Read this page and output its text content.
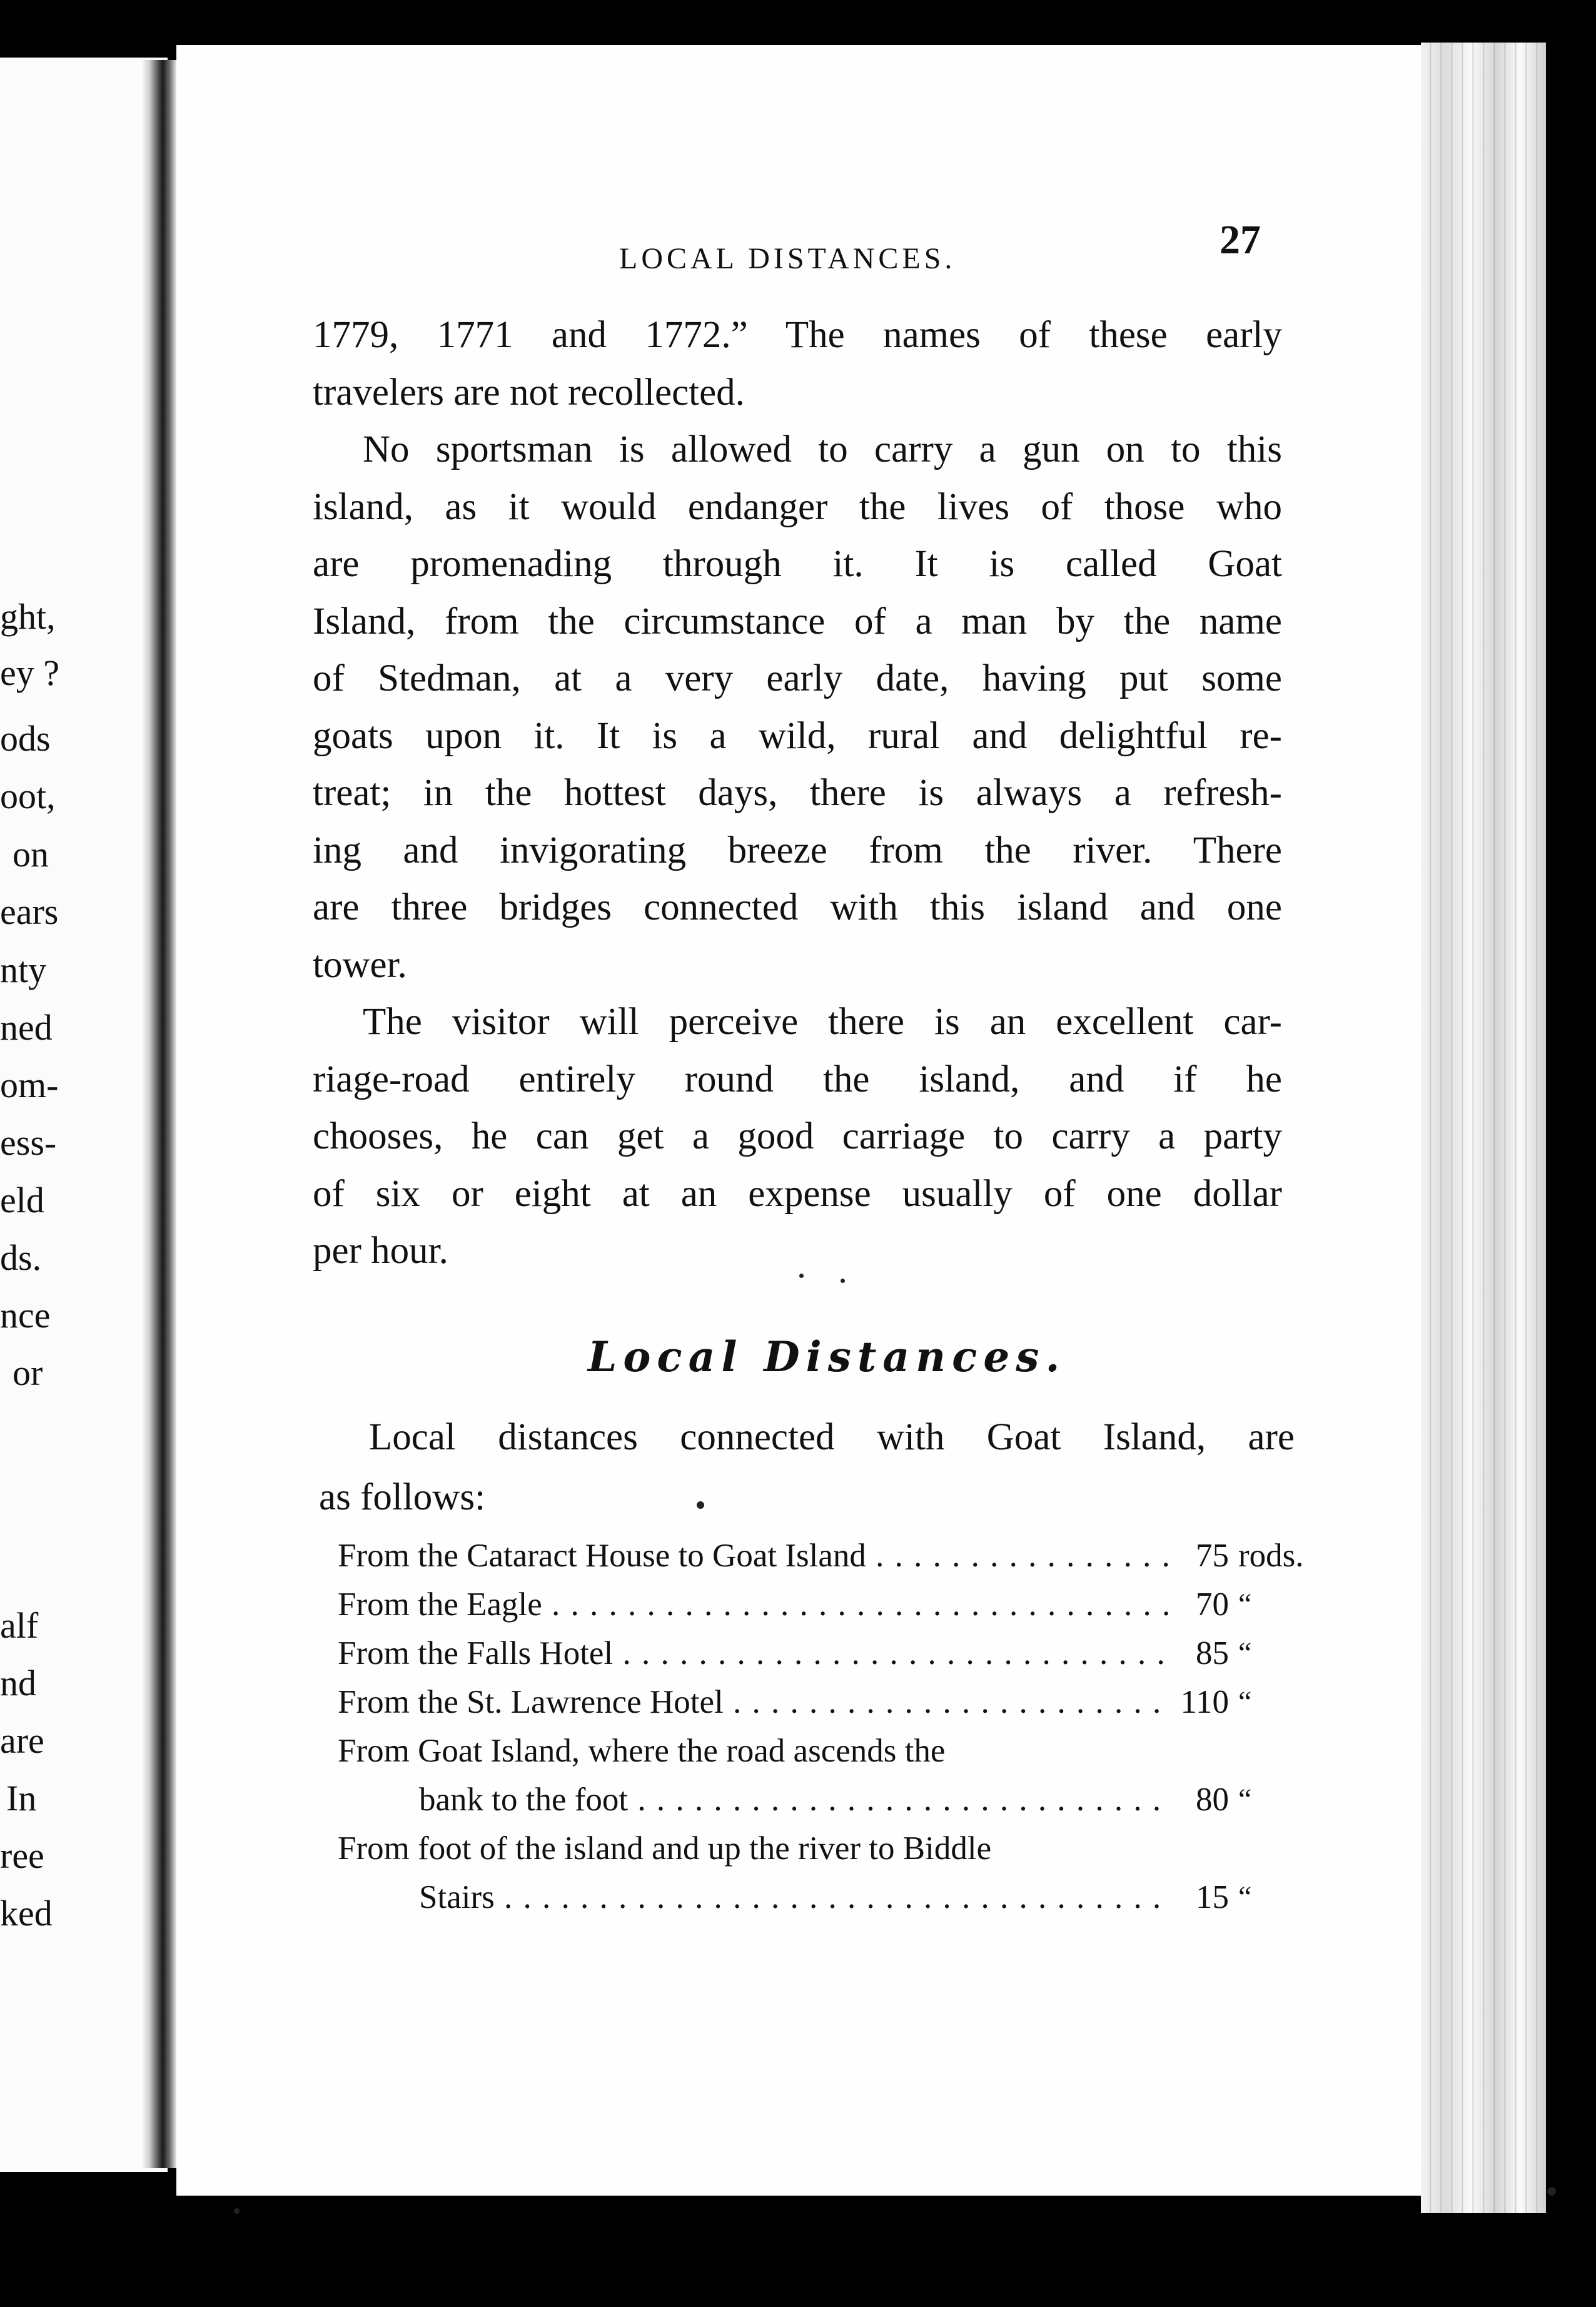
ght,
ey ?
ods
oot,
on
ears
nty
ned
om-
ess-
eld
ds.
nce
or
alf
nd
are
In
ree
ked
LOCAL DISTANCES.	27
1779, 1771 and 1772.” The names of these early
travelers are not recollected.
No sportsman is allowed to carry a gun on to this
island, as it would endanger the lives of those who
are promenading through it. It is called Goat
Island, from the circumstance of a man by the name
of Stedman, at a very early date, having put some
goats upon it. It is a wild, rural and delightful re-
treat; in the hottest days, there is always a refresh-
ing and invigorating breeze from the river. There
are three bridges connected with this island and one
tower.
The visitor will perceive there is an excellent car-
riage-road entirely round the island, and if he
chooses, he can get a good carriage to carry a party
of six or eight at an expense usually of one dollar
per hour.
Local Distances.
Local distances connected with Goat Island, are
as follows:
From the Cataract House to Goat Island . . .	75 rods.
From the Eagle . . .	70 “
From the Falls Hotel . . .	85 “
From the St. Lawrence Hotel . . .	110 “
From Goat Island, where the road ascends the
bank to the foot . . .	80 “
From foot of the island and up the river to Biddle
Stairs . . .	15 “
